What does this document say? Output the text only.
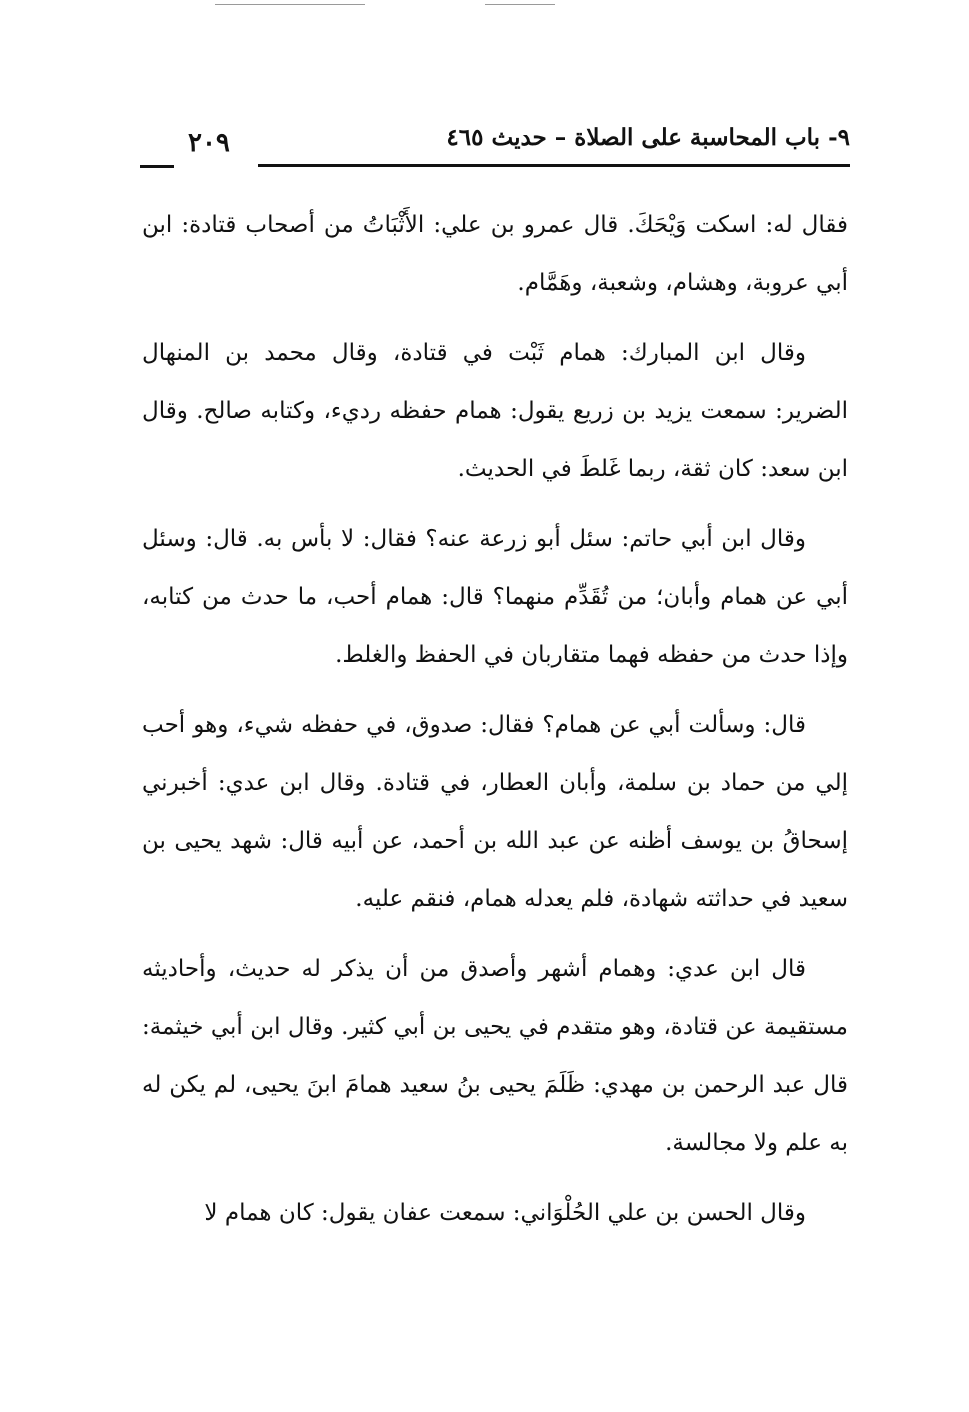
٩- باب المحاسبة على الصلاة – حديث ٤٦٥
٢٠٩

فقال له: اسكت وَيْحَكَ. قال عمرو بن علي: الأَثْبَاتُ من أصحاب قتادة: ابن أبي عروبة، وهشام، وشعبة، وهَمَّام.

وقال ابن المبارك: همام ثَبْت في قتادة، وقال محمد بن المنهال الضرير: سمعت يزيد بن زريع يقول: همام حفظه رديء، وكتابه صالح. وقال ابن سعد: كان ثقة، ربما غَلطَ في الحديث.

وقال ابن أبي حاتم: سئل أبو زرعة عنه؟ فقال: لا بأس به. قال: وسئل أبي عن همام وأبان؛ من تُقَدِّم منهما؟ قال: همام أحب، ما حدث من كتابه، وإذا حدث من حفظه فهما متقاربان في الحفظ والغلط.

قال: وسألت أبي عن همام؟ فقال: صدوق، في حفظه شيء، وهو أحب إلي من حماد بن سلمة، وأبان العطار، في قتادة. وقال ابن عدي: أخبرني إسحاقُ بن يوسف أظنه عن عبد الله بن أحمد، عن أبيه قال: شهد يحيى بن سعيد في حداثته شهادة، فلم يعدله همام، فنقم عليه.

قال ابن عدي: وهمام أشهر وأصدق من أن يذكر له حديث، وأحاديثه مستقيمة عن قتادة، وهو متقدم في يحيى بن أبي كثير. وقال ابن أبي خيثمة: قال عبد الرحمن بن مهدي: ظَلَمَ يحيى بنُ سعيد همامَ ابنَ يحيى، لم يكن له به علم ولا مجالسة.

وقال الحسن بن علي الحُلْوَاني: سمعت عفان يقول: كان همام لا
